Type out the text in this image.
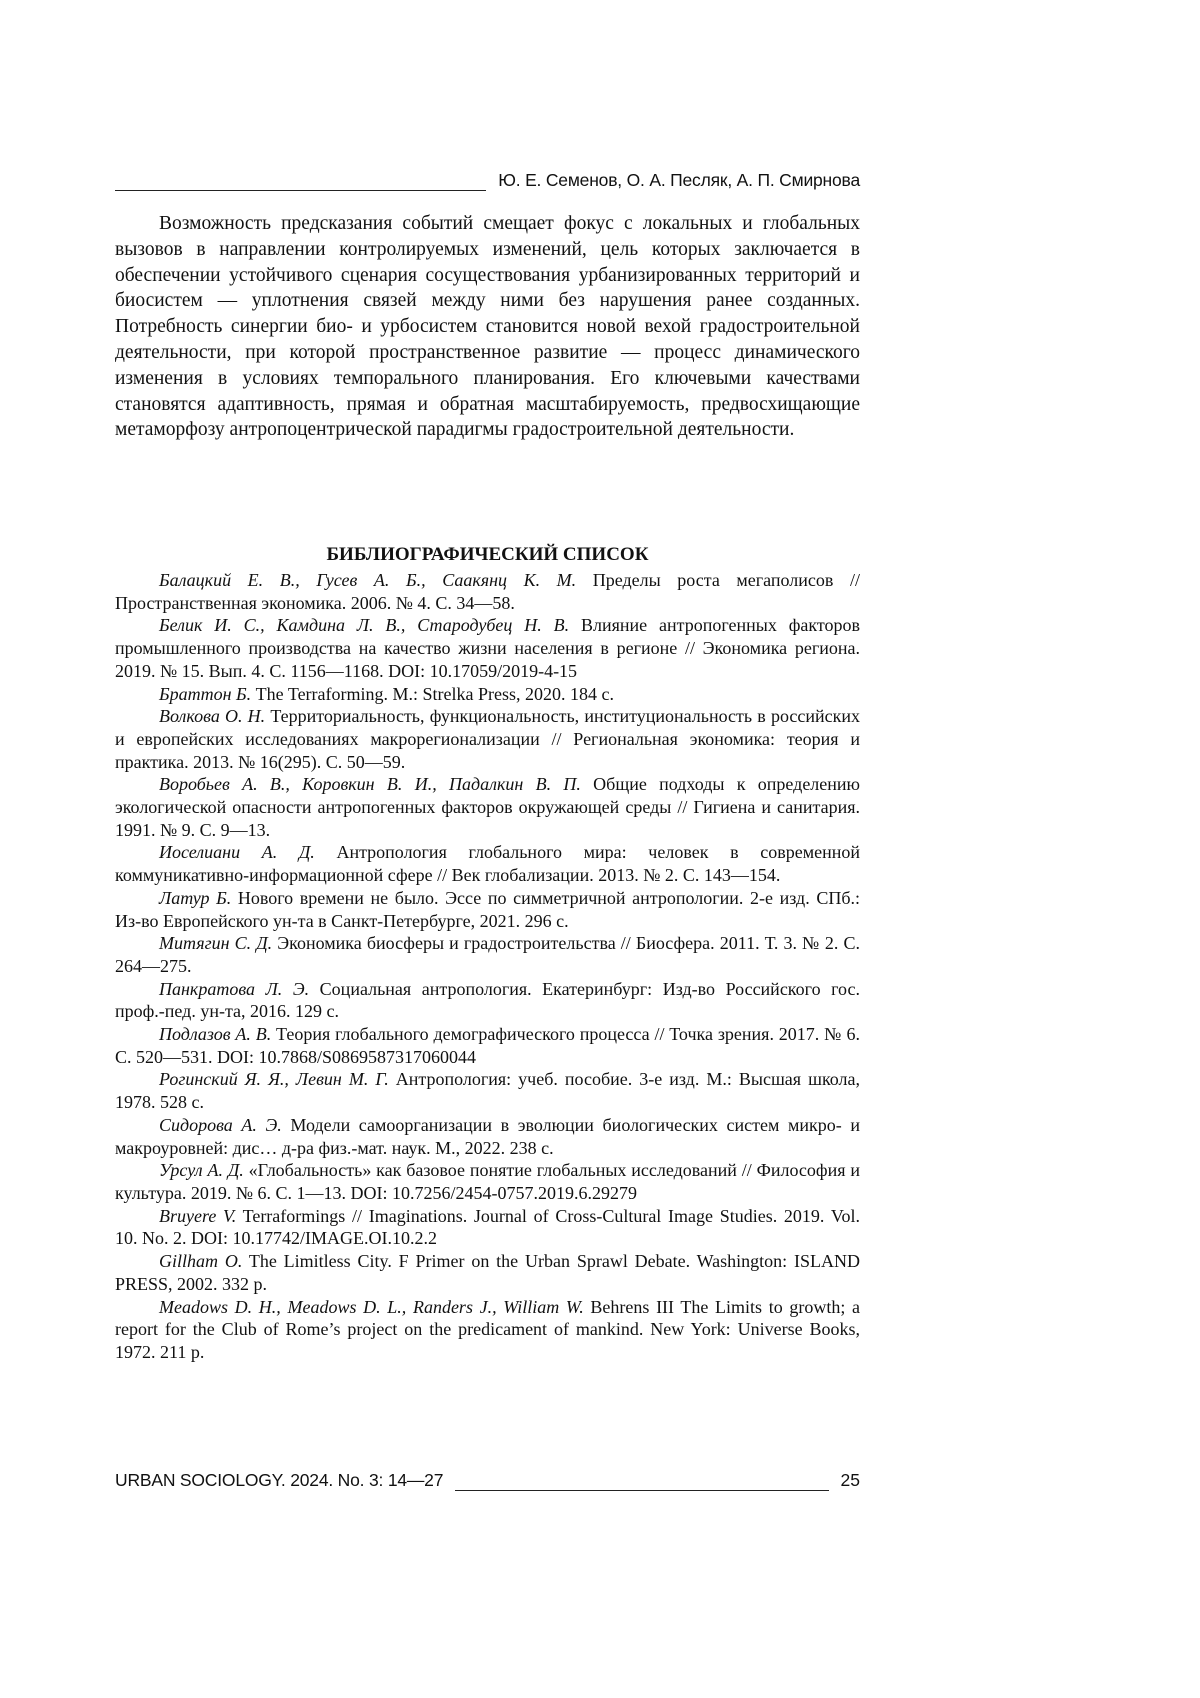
Ю. Е. Семенов, О. А. Песляк, А. П. Смирнова

Возможность предсказания событий смещает фокус с локальных и глобальных вызовов в направлении контролируемых изменений, цель которых заключается в обеспечении устойчивого сценария сосуществования урбанизированных территорий и биосистем — уплотнения связей между ними без нарушения ранее созданных. Потребность синергии био- и урбосистем становится новой вехой градостроительной деятельности, при которой пространственное развитие — процесс динамического изменения в условиях темпорального планирования. Его ключевыми качествами становятся адаптивность, прямая и обратная масштабируемость, предвосхищающие метаморфозу антропоцентрической парадигмы градостроительной деятельности.

БИБЛИОГРАФИЧЕСКИЙ СПИСОК
Балацкий Е. В., Гусев А. Б., Саакянц К. М. Пределы роста мегаполисов // Пространственная экономика. 2006. № 4. С. 34—58.
Белик И. С., Камдина Л. В., Стародубец Н. В. Влияние антропогенных факторов промышленного производства на качество жизни населения в регионе // Экономика региона. 2019. № 15. Вып. 4. С. 1156—1168. DOI: 10.17059/2019-4-15
Браттон Б. The Terraforming. M.: Strelka Press, 2020. 184 с.
Волкова О. Н. Территориальность, функциональность, институциональность в российских и европейских исследованиях макрорегионализации // Региональная экономика: теория и практика. 2013. № 16(295). С. 50—59.
Воробьев А. В., Коровкин В. И., Падалкин В. П. Общие подходы к определению экологической опасности антропогенных факторов окружающей среды // Гигиена и санитария. 1991. № 9. С. 9—13.
Иоселиани А. Д. Антропология глобального мира: человек в современной коммуникативно-информационной сфере // Век глобализации. 2013. № 2. С. 143—154.
Латур Б. Нового времени не было. Эссе по симметричной антропологии. 2-е изд. СПб.: Из-во Европейского ун-та в Санкт-Петербурге, 2021. 296 с.
Митягин С. Д. Экономика биосферы и градостроительства // Биосфера. 2011. Т. 3. № 2. С. 264—275.
Панкратова Л. Э. Социальная антропология. Екатеринбург: Изд-во Российского гос. проф.-пед. ун-та, 2016. 129 с.
Подлазов А. В. Теория глобального демографического процесса // Точка зрения. 2017. № 6. С. 520—531. DOI: 10.7868/S0869587317060044
Рогинский Я. Я., Левин М. Г. Антропология: учеб. пособие. 3-е изд. М.: Высшая школа, 1978. 528 с.
Сидорова А. Э. Модели самоорганизации в эволюции биологических систем микро- и макроуровней: дис… д-ра физ.-мат. наук. М., 2022. 238 с.
Урсул А. Д. «Глобальность» как базовое понятие глобальных исследований // Философия и культура. 2019. № 6. С. 1—13. DOI: 10.7256/2454-0757.2019.6.29279
Bruyere V. Terraformings // Imaginations. Journal of Cross-Cultural Image Studies. 2019. Vol. 10. No. 2. DOI: 10.17742/IMAGE.OI.10.2.2
Gillham O. The Limitless City. F Primer on the Urban Sprawl Debate. Washington: ISLAND PRESS, 2002. 332 p.
Meadows D. H., Meadows D. L., Randers J., William W. Behrens III The Limits to growth; a report for the Club of Rome’s project on the predicament of mankind. New York: Universe Books, 1972. 211 p.
URBAN SOCIOLOGY. 2024. No. 3: 14—27	25
